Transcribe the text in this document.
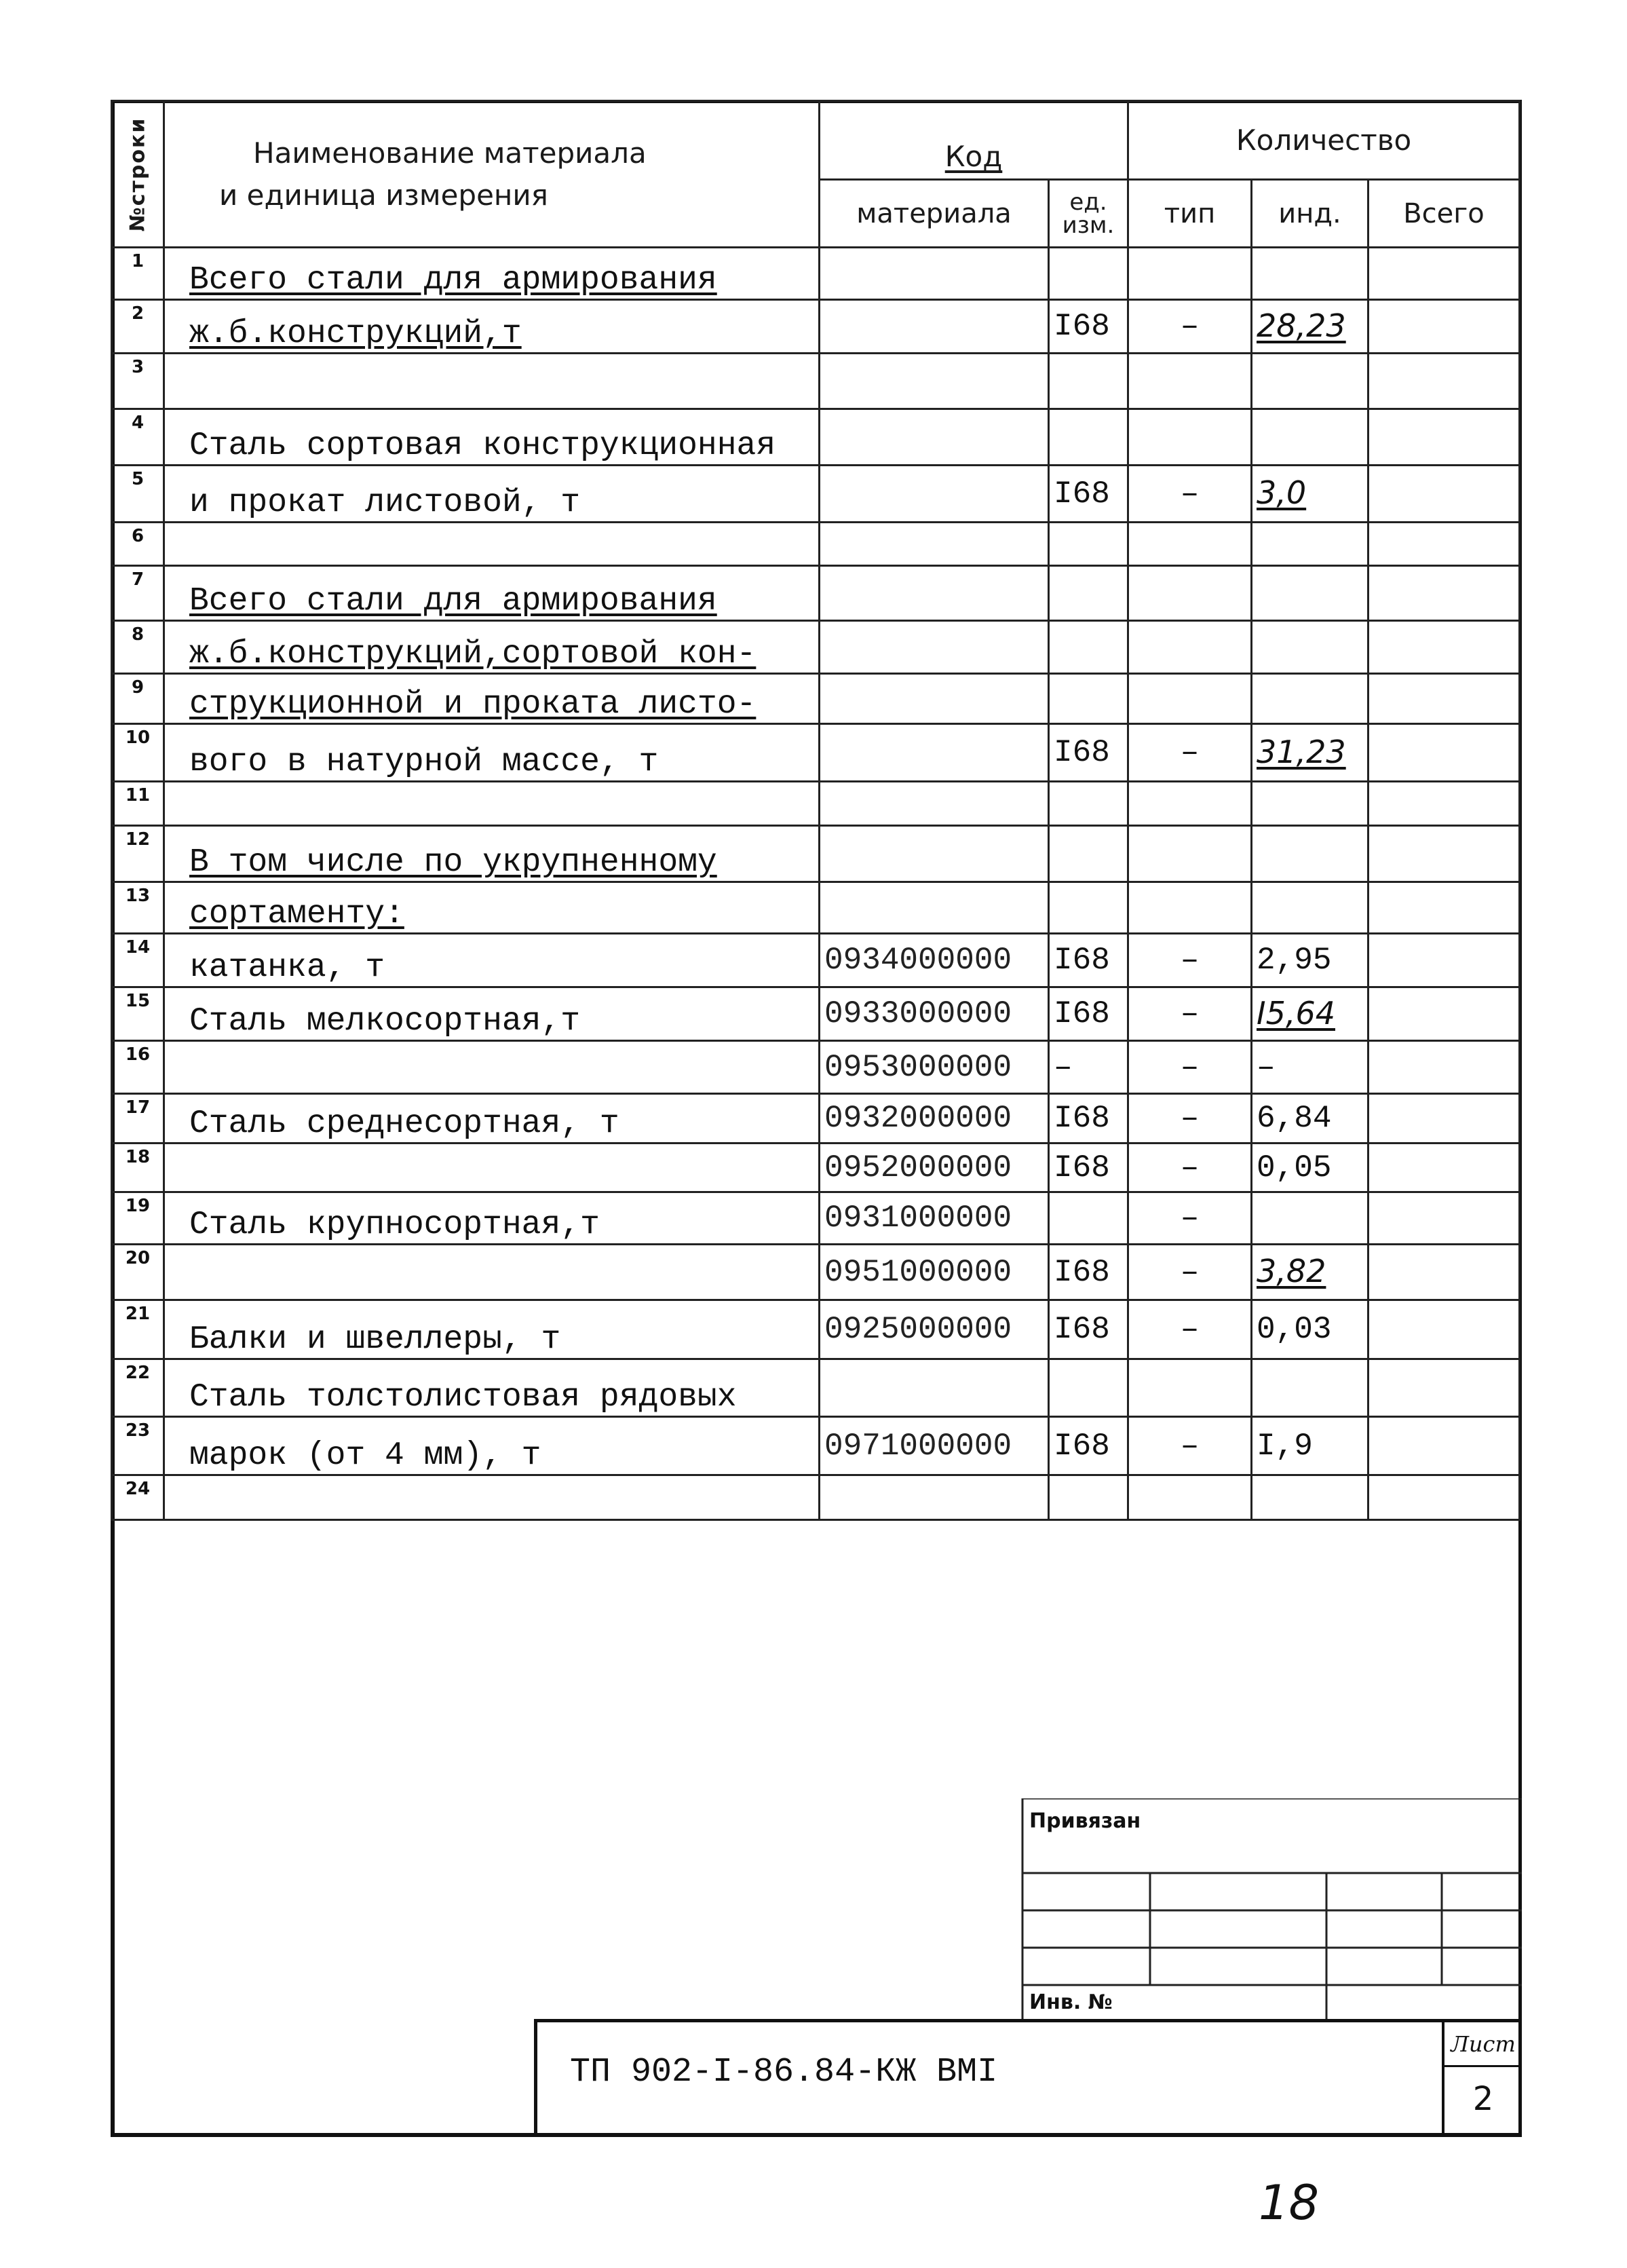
№строки	Наименование материала
и единица измерения	Код		Количество		
		материала	ед. изм.	тип	инд.	Всего
1	Всего стали для армирования					
2	ж.б.конструкций,т		I68	–	28,23	
3						
4	Сталь сортовая конструкционная					
5	и прокат листовой, т		I68	–	3,0	
6						
7	Всего стали для армирования					
8	ж.б.конструкций,сортовой кон-					
9	струкционной и проката листо-					
10	вого в натурной массе, т		I68	–	31,23	
11						
12	В том числе по укрупненному					
13	сортаменту:					
14	катанка, т	0934000000	I68	–	2,95	
15	Сталь мелкосортная,т	0933000000	I68	–	I5,64	
16		0953000000	–	–	–	
17	Сталь среднесортная, т	0932000000	I68	–	6,84	
18		0952000000	I68	–	0,05	
19	Сталь крупносортная,т	0931000000		–		
20		0951000000	I68	–	3,82	
21	Балки и швеллеры, т	0925000000	I68	–	0,03	
22	Сталь толстолистовая рядовых					
23	марок (от 4 мм), т	0971000000	I68	–	I,9	
24						
Привязан
Инв. №
ТП 902-I-86.84-КЖ ВМI
Лист
2
18
